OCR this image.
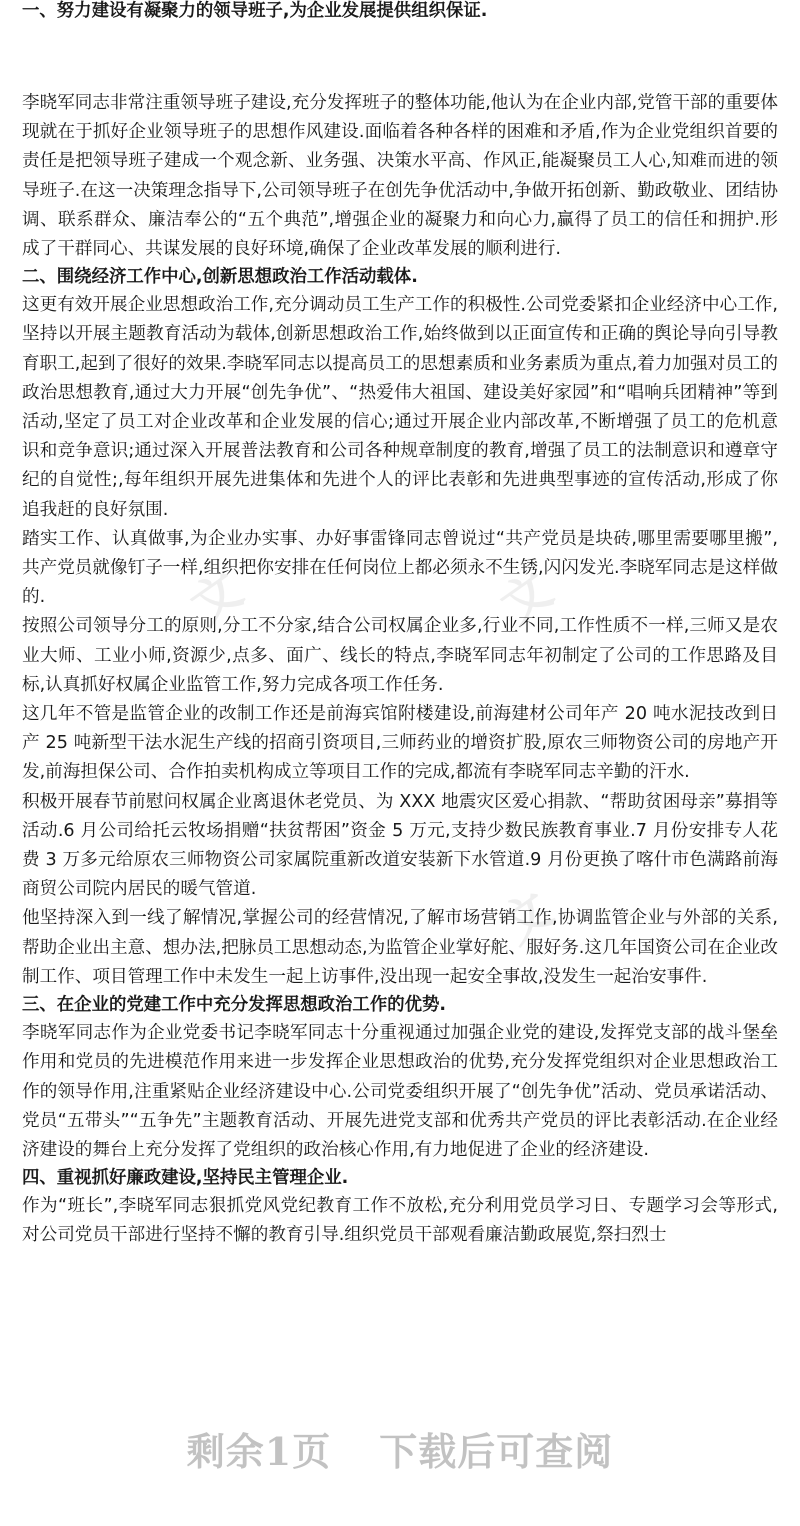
文	文
文
一、努力建设有凝聚力的领导班子,为企业发展提供组织保证.

李晓军同志非常注重领导班子建设,充分发挥班子的整体功能,他认为在企业内部,党管干部的重要体现就在于抓好企业领导班子的思想作风建设.面临着各种各样的困难和矛盾,作为企业党组织首要的责任是把领导班子建成一个观念新、业务强、决策水平高、作风正,能凝聚员工人心,知难而进的领导班子.在这一决策理念指导下,公司领导班子在创先争优活动中,争做开拓创新、勤政敬业、团结协调、联系群众、廉洁奉公的“五个典范”,增强企业的凝聚力和向心力,赢得了员工的信任和拥护.形成了干群同心、共谋发展的良好环境,确保了企业改革发展的顺利进行.

二、围绕经济工作中心,创新思想政治工作活动载体.

这更有效开展企业思想政治工作,充分调动员工生产工作的积极性.公司党委紧扣企业经济中心工作,坚持以开展主题教育活动为载体,创新思想政治工作,始终做到以正面宣传和正确的舆论导向引导教育职工,起到了很好的效果.李晓军同志以提高员工的思想素质和业务素质为重点,着力加强对员工的政治思想教育,通过大力开展“创先争优”、“热爱伟大祖国、建设美好家园”和“唱响兵团精神”等到活动,坚定了员工对企业改革和企业发展的信心;通过开展企业内部改革,不断增强了员工的危机意识和竞争意识;通过深入开展普法教育和公司各种规章制度的教育,增强了员工的法制意识和遵章守纪的自觉性;,每年组织开展先进集体和先进个人的评比表彰和先进典型事迹的宣传活动,形成了你追我赶的良好氛围.

踏实工作、认真做事,为企业办实事、办好事雷锋同志曾说过“共产党员是块砖,哪里需要哪里搬”,共产党员就像钉子一样,组织把你安排在任何岗位上都必须永不生锈,闪闪发光.李晓军同志是这样做的.

按照公司领导分工的原则,分工不分家,结合公司权属企业多,行业不同,工作性质不一样,三师又是农业大师、工业小师,资源少,点多、面广、线长的特点,李晓军同志年初制定了公司的工作思路及目标,认真抓好权属企业监管工作,努力完成各项工作任务.

这几年不管是监管企业的改制工作还是前海宾馆附楼建设,前海建材公司年产 20 吨水泥技改到日产 25 吨新型干法水泥生产线的招商引资项目,三师药业的增资扩股,原农三师物资公司的房地产开发,前海担保公司、合作拍卖机构成立等项目工作的完成,都流有李晓军同志辛勤的汗水.

积极开展春节前慰问权属企业离退休老党员、为 XXX 地震灾区爱心捐款、“帮助贫困母亲”募捐等活动.6 月公司给托云牧场捐赠“扶贫帮困”资金 5 万元,支持少数民族教育事业.7 月份安排专人花费 3 万多元给原农三师物资公司家属院重新改道安装新下水管道.9 月份更换了喀什市色满路前海商贸公司院内居民的暖气管道.

他坚持深入到一线了解情况,掌握公司的经营情况,了解市场营销工作,协调监管企业与外部的关系,帮助企业出主意、想办法,把脉员工思想动态,为监管企业掌好舵、服好务.这几年国资公司在企业改制工作、项目管理工作中未发生一起上访事件,没出现一起安全事故,没发生一起治安事件.

三、在企业的党建工作中充分发挥思想政治工作的优势.

李晓军同志作为企业党委书记李晓军同志十分重视通过加强企业党的建设,发挥党支部的战斗堡垒作用和党员的先进模范作用来进一步发挥企业思想政治的优势,充分发挥党组织对企业思想政治工作的领导作用,注重紧贴企业经济建设中心.公司党委组织开展了“创先争优”活动、党员承诺活动、党员“五带头”“五争先”主题教育活动、开展先进党支部和优秀共产党员的评比表彰活动.在企业经济建设的舞台上充分发挥了党组织的政治核心作用,有力地促进了企业的经济建设.

四、重视抓好廉政建设,坚持民主管理企业.

作为“班长”,李晓军同志狠抓党风党纪教育工作不放松,充分利用党员学习日、专题学习会等形式,对公司党员干部进行坚持不懈的教育引导.组织党员干部观看廉洁勤政展览,祭扫烈士

剩余1页 下载后可查阅
